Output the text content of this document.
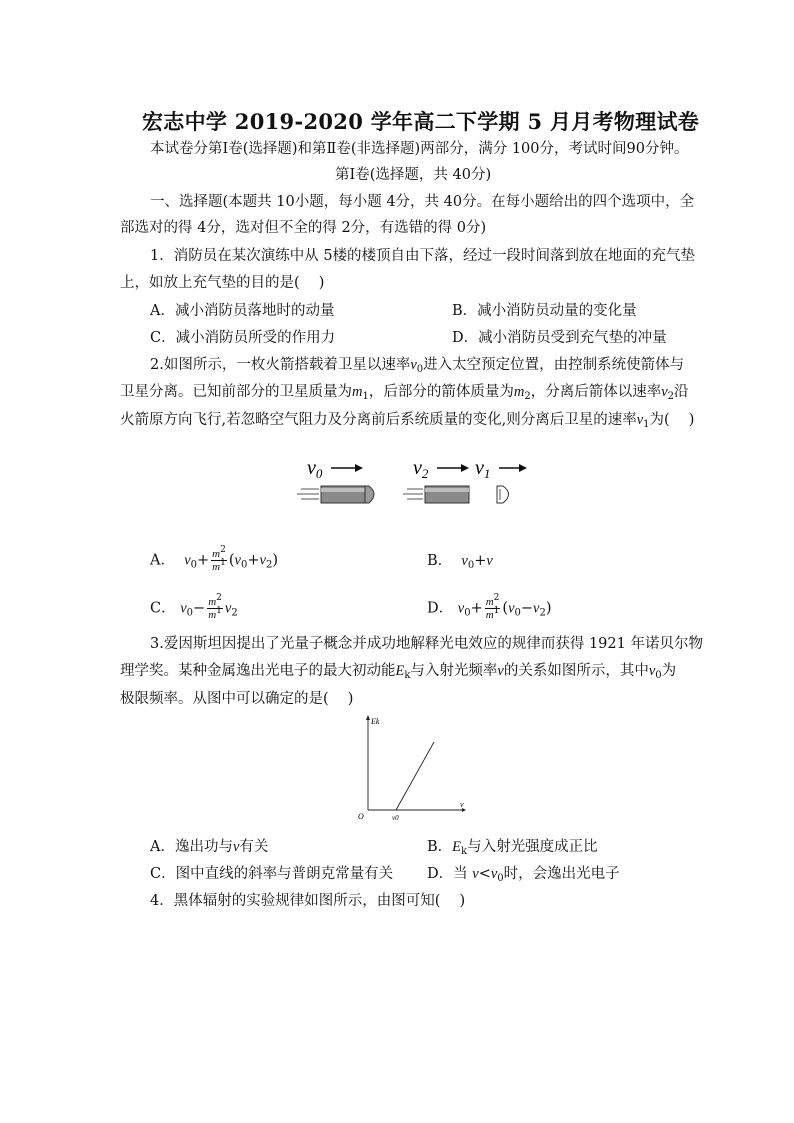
宏志中学 2019-2020 学年高二下学期 5 月月考物理试卷
本试卷分第Ⅰ卷(选择题)和第Ⅱ卷(非选择题)两部分，满分 100分，考试时间90分钟。
第Ⅰ卷(选择题，共 40分)
一、选择题(本题共 10小题，每小题 4分，共 40分。在每小题给出的四个选项中，全
部选对的得 4分，选对但不全的得 2分，有选错的得 0分)
1．消防员在某次演练中从 5楼的楼顶自由下落，经过一段时间落到放在地面的充气垫
上，如放上充气垫的目的是(　 )
A．减小消防员落地时的动量	B．减小消防员动量的变化量
C．减小消防员所受的作用力	D．减小消防员受到充气垫的冲量
2.如图所示，一枚火箭搭载着卫星以速率$v_0$进入太空预定位置，由控制系统使箭体与
卫星分离。已知前部分的卫星质量为$m_1$，后部分的箭体质量为$m_2$，分离后箭体以速率$v_2$沿
火箭原方向飞行,若忽略空气阻力及分离前后系统质量的变化,则分离后卫星的速率$v_1$为(　 )
$v_0$	$v_2$ $v_1$
A． $v_0+ \frac{m^2}{m^1} (v_0+v_2)$	B． $v_0+v$
C． $v_0- \frac{m^2}{m^1} v_2$	D． $v_0+ \frac{m^2}{m^1} (v_0-v_2)$
3.爱因斯坦因提出了光量子概念并成功地解释光电效应的规律而获得 1921 年诺贝尔物
理学奖。某种金属逸出光电子的最大初动能$E_k$与入射光频率ν的关系如图所示，其中$\nu_0$为
极限频率。从图中可以确定的是(　 )
Ek
ν
O	ν0
A．逸出功与ν有关	B．$E_k$与入射光强度成正比
C．图中直线的斜率与普朗克常量有关 D．当 $\nu<\nu_0$时，会逸出光电子
4．黑体辐射的实验规律如图所示，由图可知(　 )
